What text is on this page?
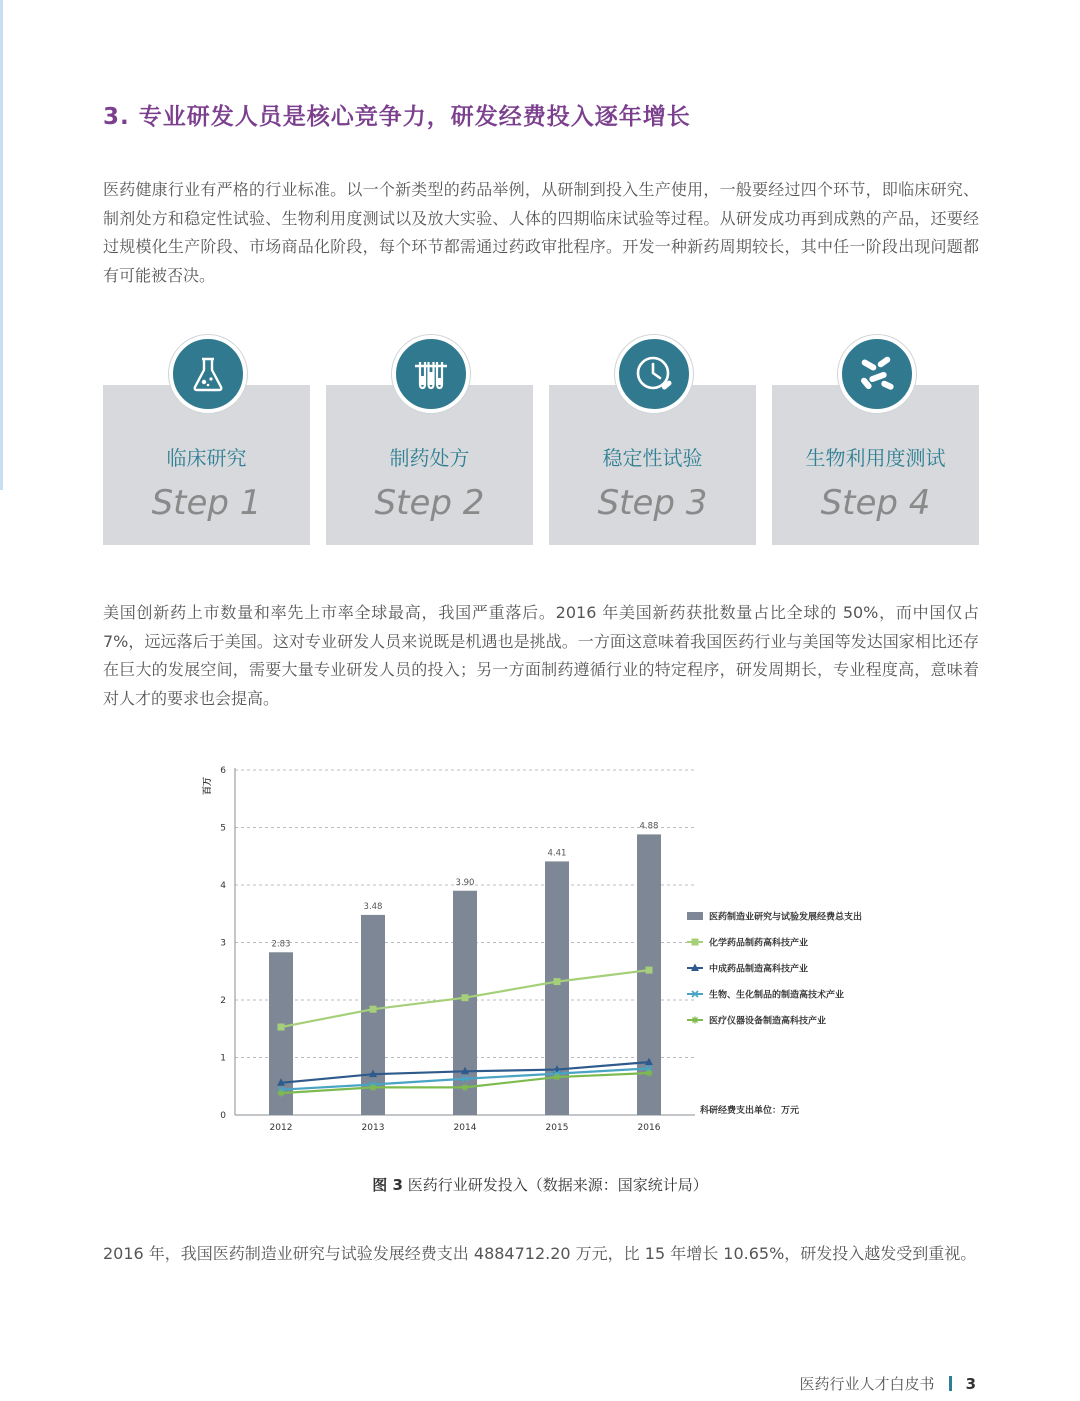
3. 专业研发人员是核心竞争力，研发经费投入逐年增长

医药健康行业有严格的行业标准。以一个新类型的药品举例，从研制到投入生产使用，一般要经过四个环节，即临床研究、制剂处方和稳定性试验、生物利用度测试以及放大实验、人体的四期临床试验等过程。从研发成功再到成熟的产品，还要经过规模化生产阶段、市场商品化阶段，每个环节都需通过药政审批程序。开发一种新药周期较长，其中任一阶段出现问题都有可能被否决。

临床研究
Step 1
制药处方
Step 2
稳定性试验
Step 3
生物利用度测试
Step 4

美国创新药上市数量和率先上市率全球最高，我国严重落后。2016 年美国新药获批数量占比全球的 50%，而中国仅占 7%，远远落后于美国。这对专业研发人员来说既是机遇也是挑战。一方面这意味着我国医药行业与美国等发达国家相比还存在巨大的发展空间，需要大量专业研发人员的投入；另一方面制药遵循行业的特定程序，研发周期长，专业程度高，意味着对人才的要求也会提高。

0
1
2
3
4
5
6
百万
2012	2013	2014	2015	2016
2.83
3.48
3.90
4.41
4.88
医药制造业研究与试验发展经费总支出
化学药品制药高科技产业
中成药品制造高科技产业
生物、生化制品的制造高技术产业
医疗仪器设备制造高科技产业
科研经费支出单位：万元
图 3 医药行业研发投入（数据来源：国家统计局）

2016 年，我国医药制造业研究与试验发展经费支出 4884712.20 万元，比 15 年增长 10.65%，研发投入越发受到重视。

医药行业人才白皮书 3
